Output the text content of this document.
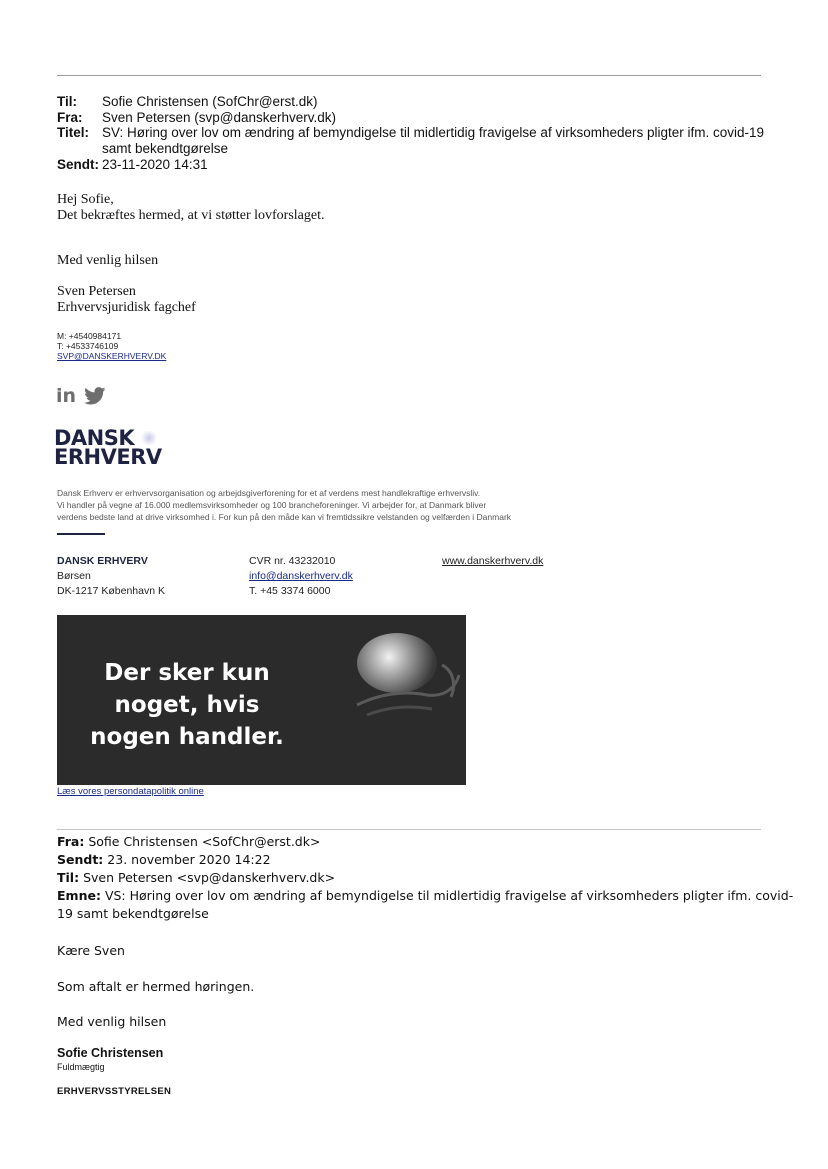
Til: Sofie Christensen (SofChr@erst.dk)
Fra: Sven Petersen (svp@danskerhverv.dk)
Titel: SV: Høring over lov om ændring af bemyndigelse til midlertidig fravigelse af virksomheders pligter ifm. covid-19
samt bekendtgørelse
Sendt: 23-11-2020 14:31
Hej Sofie,
Det bekræftes hermed, at vi støtter lovforslaget.
Med venlig hilsen
Sven Petersen
Erhvervsjuridisk fagchef
M: +4540984171
T: +4533746109
SVP@DANSKERHVERV.DK
in
DANSK
ERHVERV
Dansk Erhverv er erhvervsorganisation og arbejdsgiverforening for et af verdens mest handlekraftige erhvervsliv.
Vi handler på vegne af 16.000 medlemsvirksomheder og 100 brancheforeninger. Vi arbejder for, at Danmark bliver
verdens bedste land at drive virksomhed i. For kun på den måde kan vi fremtidssikre velstanden og velfærden i Danmark
DANSK ERHVERV
Børsen
DK-1217 København K
CVR nr. 43232010
info@danskerhverv.dk
T. +45 3374 6000
www.danskerhverv.dk
Der sker kun
noget, hvis
nogen handler.
Læs vores persondatapolitik online
Fra: Sofie Christensen <SofChr@erst.dk>
Sendt: 23. november 2020 14:22
Til: Sven Petersen <svp@danskerhverv.dk>
Emne: VS: Høring over lov om ændring af bemyndigelse til midlertidig fravigelse af virksomheders pligter ifm. covid-
19 samt bekendtgørelse
Kære Sven
Som aftalt er hermed høringen.
Med venlig hilsen
Sofie Christensen
Fuldmægtig
ERHVERVSSTYRELSEN
